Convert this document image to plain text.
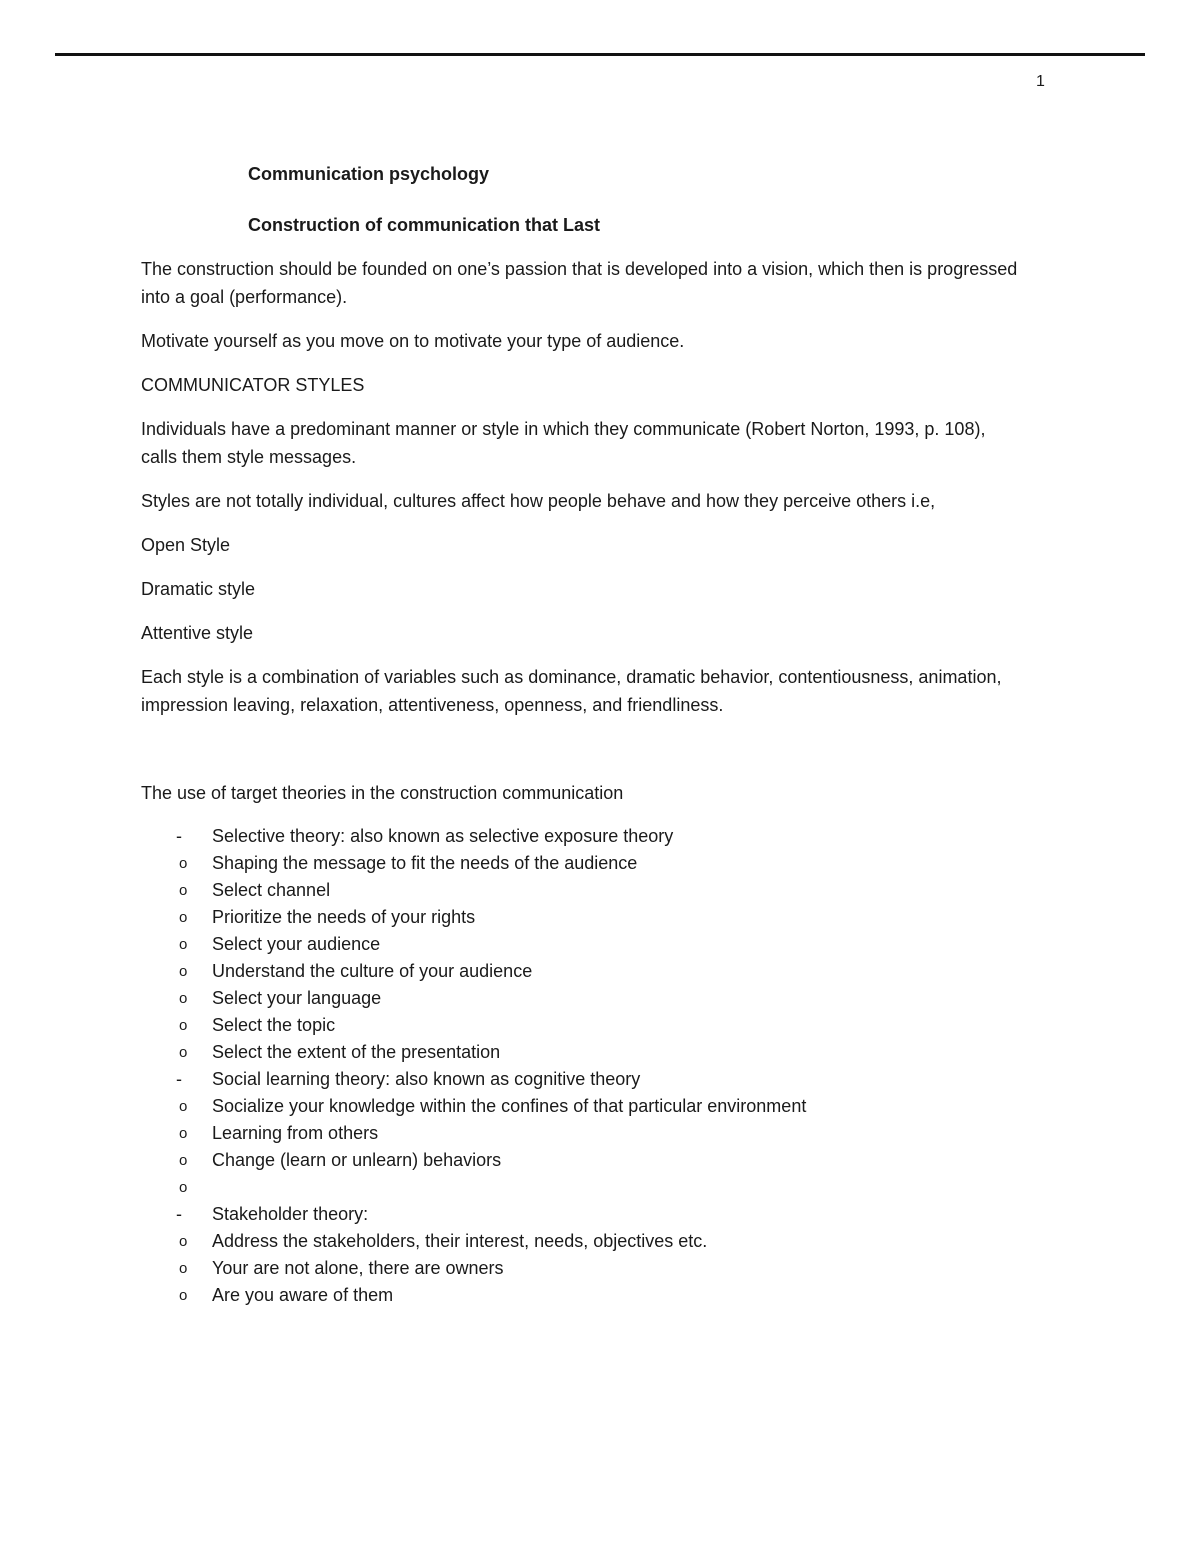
1
Communication psychology
Construction of communication that Last
The construction should be founded on one’s passion that is developed into a vision, which then is progressed into a goal (performance).
Motivate yourself as you move on to motivate your type of audience.
COMMUNICATOR STYLES
Individuals have a predominant manner or style in which they communicate (Robert Norton, 1993, p. 108), calls them style messages.
Styles are not totally individual, cultures affect how people behave and how they perceive others i.e,
Open Style
Dramatic style
Attentive style
Each style is a combination of variables such as dominance, dramatic behavior, contentiousness, animation, impression leaving, relaxation, attentiveness, openness, and friendliness.
The use of target theories in the construction communication
- Selective theory: also known as selective exposure theory
o Shaping the message to fit the needs of the audience
o Select channel
o Prioritize the needs of your rights
o Select your audience
o Understand the culture of your audience
o Select your language
o Select the topic
o Select the extent of the presentation
- Social learning theory: also known as cognitive theory
o Socialize your knowledge within the confines of that particular environment
o Learning from others
o Change (learn or unlearn) behaviors
o
- Stakeholder theory:
o Address the stakeholders, their interest, needs, objectives etc.
o Your are not alone, there are owners
o Are you aware of them
